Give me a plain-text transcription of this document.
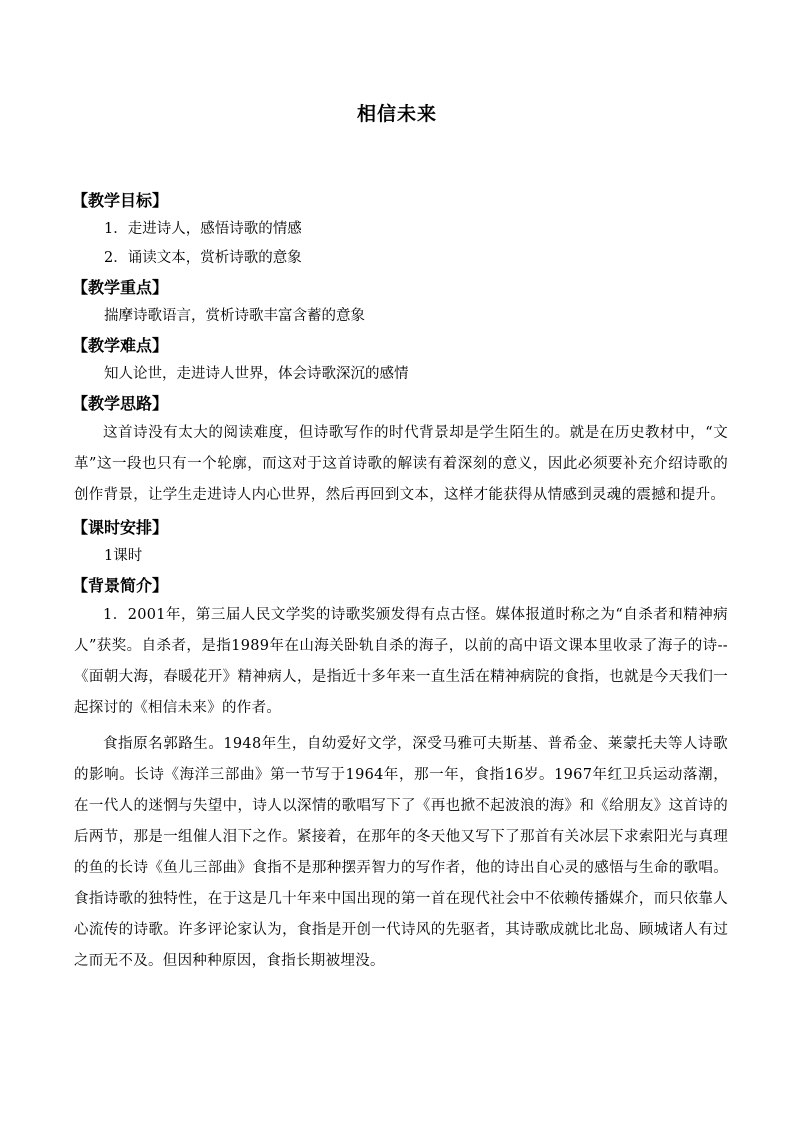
相信未来
【教学目标】
1．走进诗人，感悟诗歌的情感
2．诵读文本，赏析诗歌的意象
【教学重点】
揣摩诗歌语言，赏析诗歌丰富含蓄的意象
【教学难点】
知人论世，走进诗人世界，体会诗歌深沉的感情
【教学思路】

这首诗没有太大的阅读难度，但诗歌写作的时代背景却是学生陌生的。就是在历史教材中，“文革”这一段也只有一个轮廓，而这对于这首诗歌的解读有着深刻的意义，因此必须要补充介绍诗歌的创作背景，让学生走进诗人内心世界，然后再回到文本，这样才能获得从情感到灵魂的震撼和提升。

【课时安排】
1课时
【背景简介】

1．2001年，第三届人民文学奖的诗歌奖颁发得有点古怪。媒体报道时称之为“自杀者和精神病人”获奖。自杀者，是指1989年在山海关卧轨自杀的海子，以前的高中语文课本里收录了海子的诗--《面朝大海，春暖花开》精神病人，是指近十多年来一直生活在精神病院的食指，也就是今天我们一起探讨的《相信未来》的作者。

食指原名郭路生。1948年生，自幼爱好文学，深受马雅可夫斯基、普希金、莱蒙托夫等人诗歌的影响。长诗《海洋三部曲》第一节写于1964年，那一年，食指16岁。1967年红卫兵运动落潮，在一代人的迷惘与失望中，诗人以深情的歌唱写下了《再也掀不起波浪的海》和《给朋友》这首诗的后两节，那是一组催人泪下之作。紧接着，在那年的冬天他又写下了那首有关冰层下求索阳光与真理的鱼的长诗《鱼儿三部曲》食指不是那种摆弄智力的写作者，他的诗出自心灵的感悟与生命的歌唱。食指诗歌的独特性，在于这是几十年来中国出现的第一首在现代社会中不依赖传播媒介，而只依靠人心流传的诗歌。许多评论家认为，食指是开创一代诗风的先驱者，其诗歌成就比北岛、顾城诸人有过之而无不及。但因种种原因，食指长期被埋没。
